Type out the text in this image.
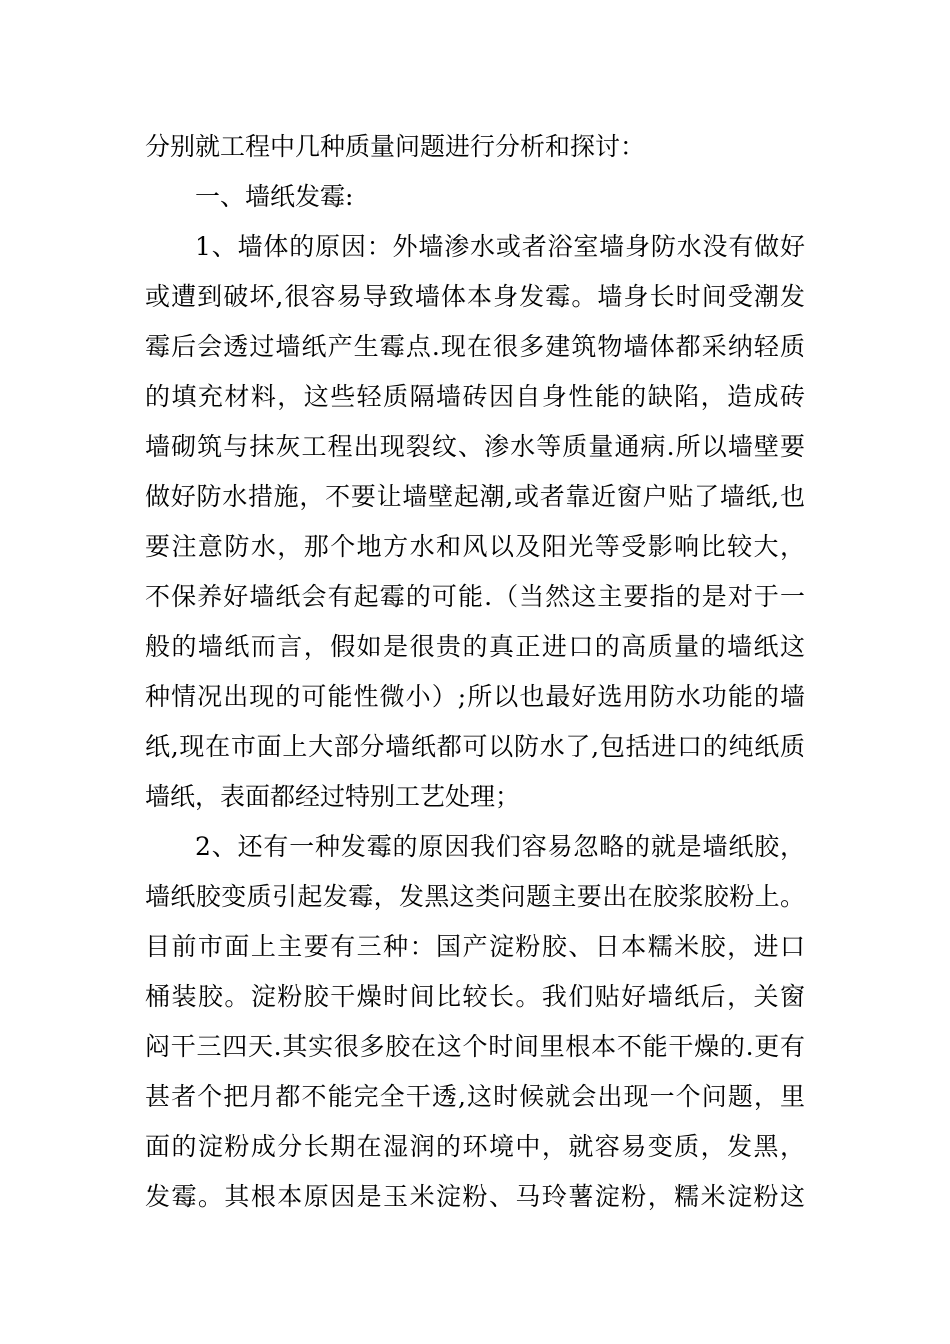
分别就工程中几种质量问题进行分析和探讨：
一、墙纸发霉:
1、墙体的原因：外墙渗水或者浴室墙身防水没有做好
或遭到破坏,很容易导致墙体本身发霉。墙身长时间受潮发
霉后会透过墙纸产生霉点.现在很多建筑物墙体都采纳轻质
的填充材料，这些轻质隔墙砖因自身性能的缺陷，造成砖
墙砌筑与抹灰工程出现裂纹、渗水等质量通病.所以墙壁要
做好防水措施，不要让墙壁起潮,或者靠近窗户贴了墙纸,也
要注意防水，那个地方水和风以及阳光等受影响比较大，
不保养好墙纸会有起霉的可能.（当然这主要指的是对于一
般的墙纸而言，假如是很贵的真正进口的高质量的墙纸这
种情况出现的可能性微小）;所以也最好选用防水功能的墙
纸,现在市面上大部分墙纸都可以防水了,包括进口的纯纸质
墙纸，表面都经过特别工艺处理；
2、还有一种发霉的原因我们容易忽略的就是墙纸胶，
墙纸胶变质引起发霉，发黑这类问题主要出在胶浆胶粉上。
目前市面上主要有三种：国产淀粉胶、日本糯米胶，进口
桶装胶。淀粉胶干燥时间比较长。我们贴好墙纸后，关窗
闷干三四天.其实很多胶在这个时间里根本不能干燥的.更有
甚者个把月都不能完全干透,这时候就会出现一个问题，里
面的淀粉成分长期在湿润的环境中，就容易变质，发黑，
发霉。其根本原因是玉米淀粉、马玲薯淀粉，糯米淀粉这
